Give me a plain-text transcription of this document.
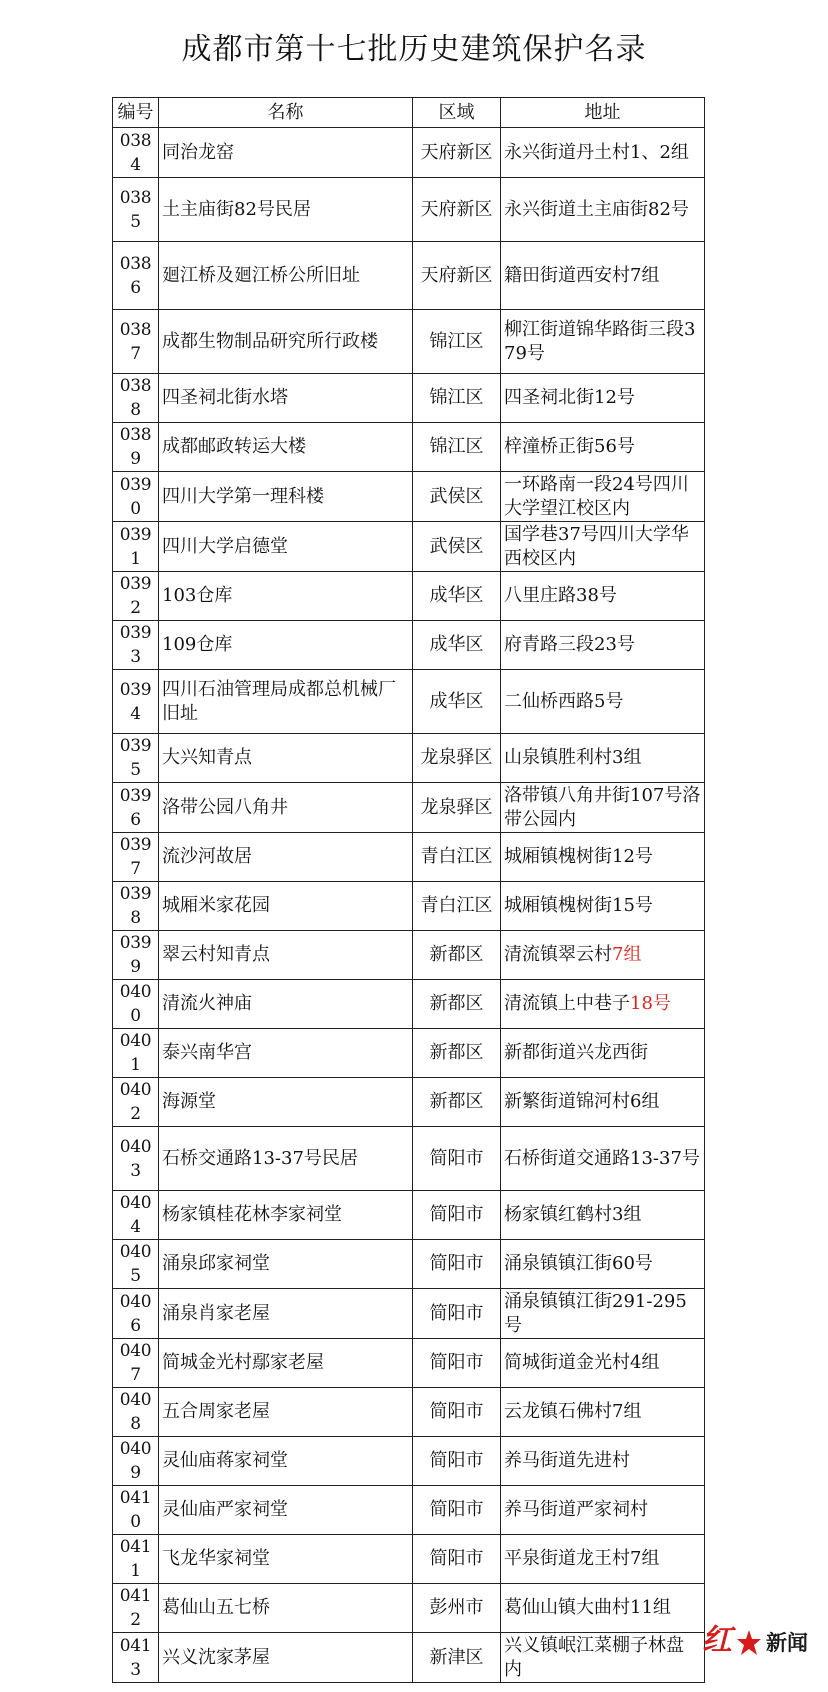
成都市第十七批历史建筑保护名录
编号	名称	区域	地址
0384	同治龙窑	天府新区	永兴街道丹土村1、2组
0385	土主庙街82号民居	天府新区	永兴街道土主庙街82号
0386	廻江桥及廻江桥公所旧址	天府新区	籍田街道西安村7组
0387	成都生物制品研究所行政楼	锦江区	柳江街道锦华路街三段379号
0388	四圣祠北街水塔	锦江区	四圣祠北街12号
0389	成都邮政转运大楼	锦江区	梓潼桥正街56号
0390	四川大学第一理科楼	武侯区	一环路南一段24号四川大学望江校区内
0391	四川大学启德堂	武侯区	国学巷37号四川大学华西校区内
0392	103仓库	成华区	八里庄路38号
0393	109仓库	成华区	府青路三段23号
0394	四川石油管理局成都总机械厂旧址	成华区	二仙桥西路5号
0395	大兴知青点	龙泉驿区	山泉镇胜利村3组
0396	洛带公园八角井	龙泉驿区	洛带镇八角井街107号洛带公园内
0397	流沙河故居	青白江区	城厢镇槐树街12号
0398	城厢米家花园	青白江区	城厢镇槐树街15号
0399	翠云村知青点	新都区	清流镇翠云村7组
0400	清流火神庙	新都区	清流镇上中巷子18号
0401	泰兴南华宫	新都区	新都街道兴龙西街
0402	海源堂	新都区	新繁街道锦河村6组
0403	石桥交通路13-37号民居	简阳市	石桥街道交通路13-37号
0404	杨家镇桂花林李家祠堂	简阳市	杨家镇红鹤村3组
0405	涌泉邱家祠堂	简阳市	涌泉镇镇江街60号
0406	涌泉肖家老屋	简阳市	涌泉镇镇江街291-295号
0407	简城金光村鄢家老屋	简阳市	简城街道金光村4组
0408	五合周家老屋	简阳市	云龙镇石佛村7组
0409	灵仙庙蒋家祠堂	简阳市	养马街道先进村
0410	灵仙庙严家祠堂	简阳市	养马街道严家祠村
0411	飞龙华家祠堂	简阳市	平泉街道龙王村7组
0412	葛仙山五七桥	彭州市	葛仙山镇大曲村11组
0413	兴义沈家茅屋	新津区	兴义镇岷江菜棚子林盘内
红 新闻
